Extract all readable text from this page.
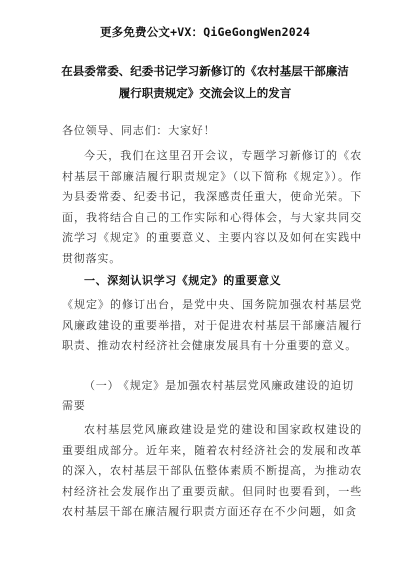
更多免费公文+VX：QiGeGongWen2024
在县委常委、纪委书记学习新修订的《农村基层干部廉洁
履行职责规定》交流会议上的发言
各位领导、同志们：大家好！
今天，我们在这里召开会议，专题学习新修订的《农村基层干部廉洁履行职责规定》（以下简称《规定》）。作为县委常委、纪委书记，我深感责任重大，使命光荣。下面，我将结合自己的工作实际和心得体会，与大家共同交流学习《规定》的重要意义、主要内容以及如何在实践中贯彻落实。
一、深刻认识学习《规定》的重要意义
《规定》的修订出台，是党中央、国务院加强农村基层党风廉政建设的重要举措，对于促进农村基层干部廉洁履行职责、推动农村经济社会健康发展具有十分重要的意义。
（一） 《规定》是加强农村基层党风廉政建设的迫切
需要
农村基层党风廉政建设是党的建设和国家政权建设的重要组成部分。近年来，随着农村经济社会的发展和改革的深入，农村基层干部队伍整体素质不断提高，为推动农村经济社会发展作出了重要贡献。但同时也要看到，一些农村基层干部在廉洁履行职责方面还存在不少问题，如贪
